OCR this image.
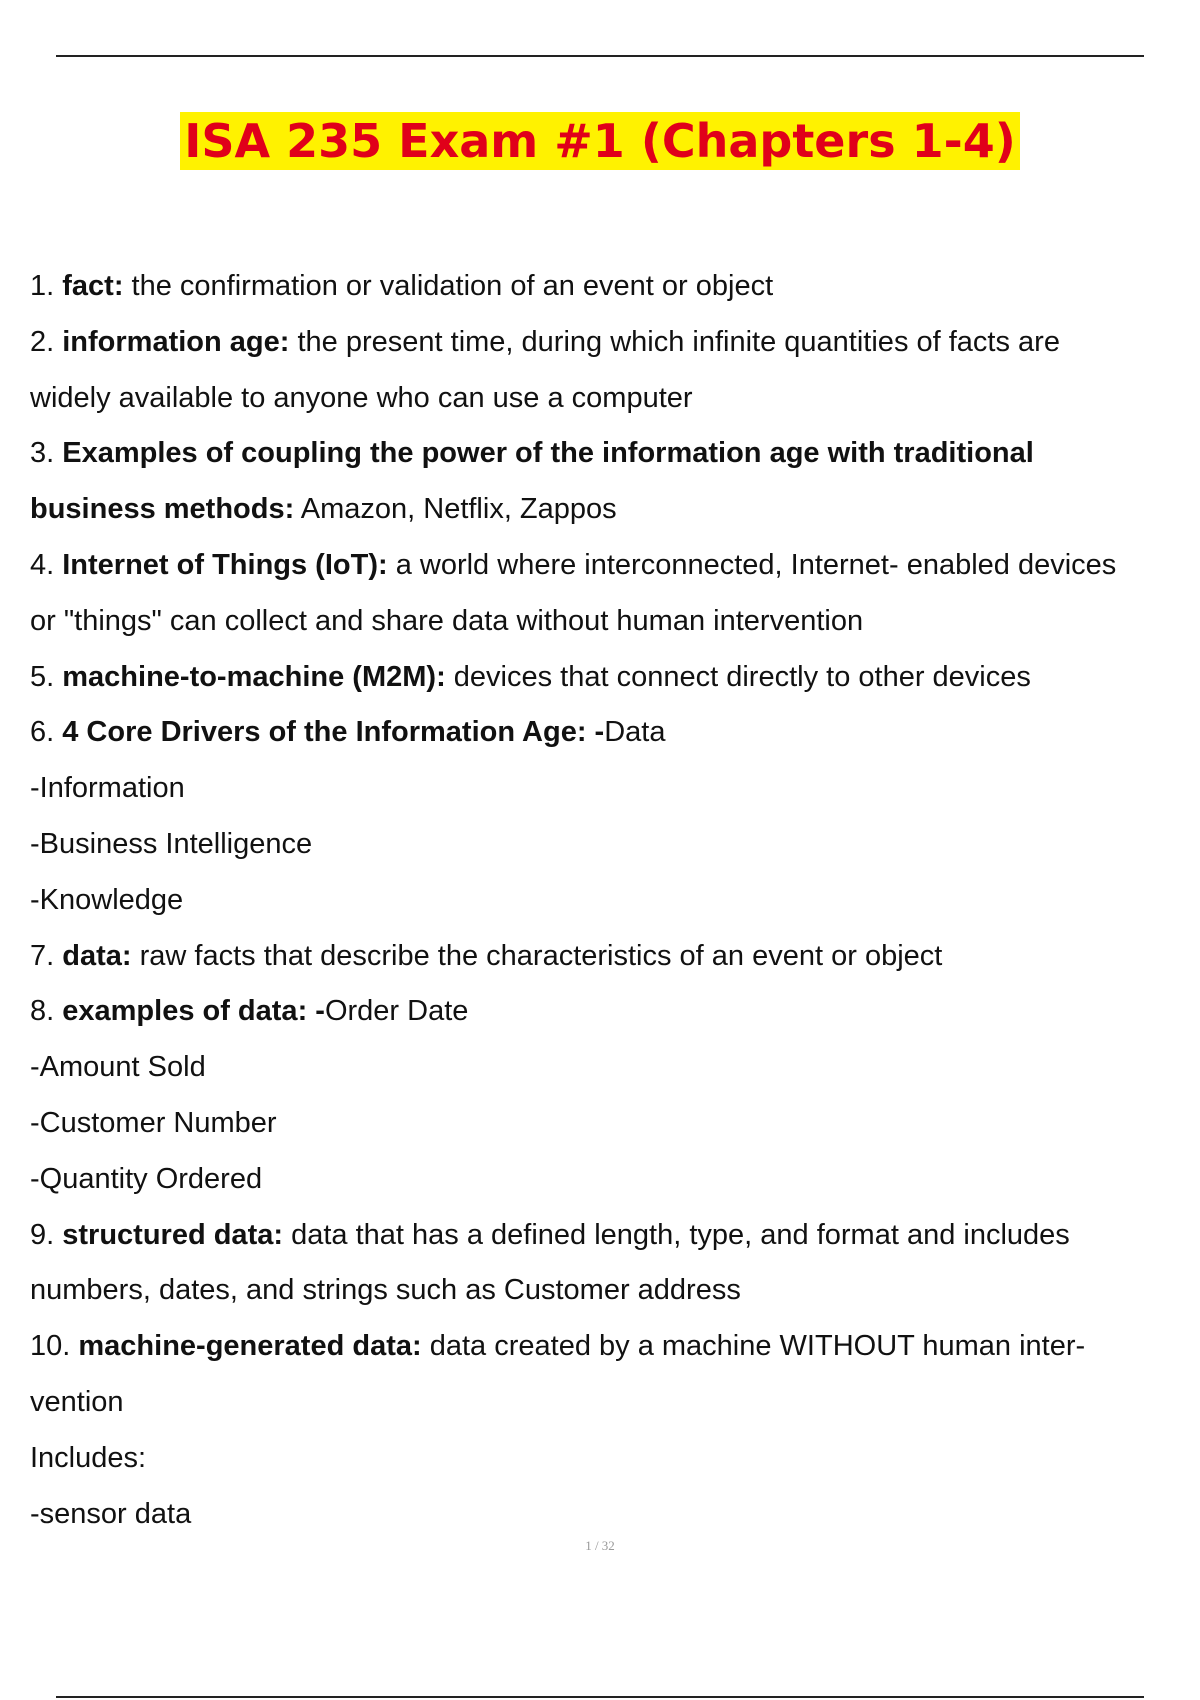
ISA 235 Exam #1 (Chapters 1-4)
1. fact: the confirmation or validation of an event or object
2. information age: the present time, during which infinite quantities of facts are
widely available to anyone who can use a computer
3. Examples of coupling the power of the information age with traditional
business methods: Amazon, Netflix, Zappos
4. Internet of Things (IoT): a world where interconnected, Internet- enabled devices
or "things" can collect and share data without human intervention
5. machine-to-machine (M2M): devices that connect directly to other devices
6. 4 Core Drivers of the Information Age: -Data
-Information
-Business Intelligence
-Knowledge
7. data: raw facts that describe the characteristics of an event or object
8. examples of data: -Order Date
-Amount Sold
-Customer Number
-Quantity Ordered
9. structured data: data that has a defined length, type, and format and includes
numbers, dates, and strings such as Customer address
10. machine-generated data: data created by a machine WITHOUT human inter-
vention
Includes:
-sensor data
1 / 32
